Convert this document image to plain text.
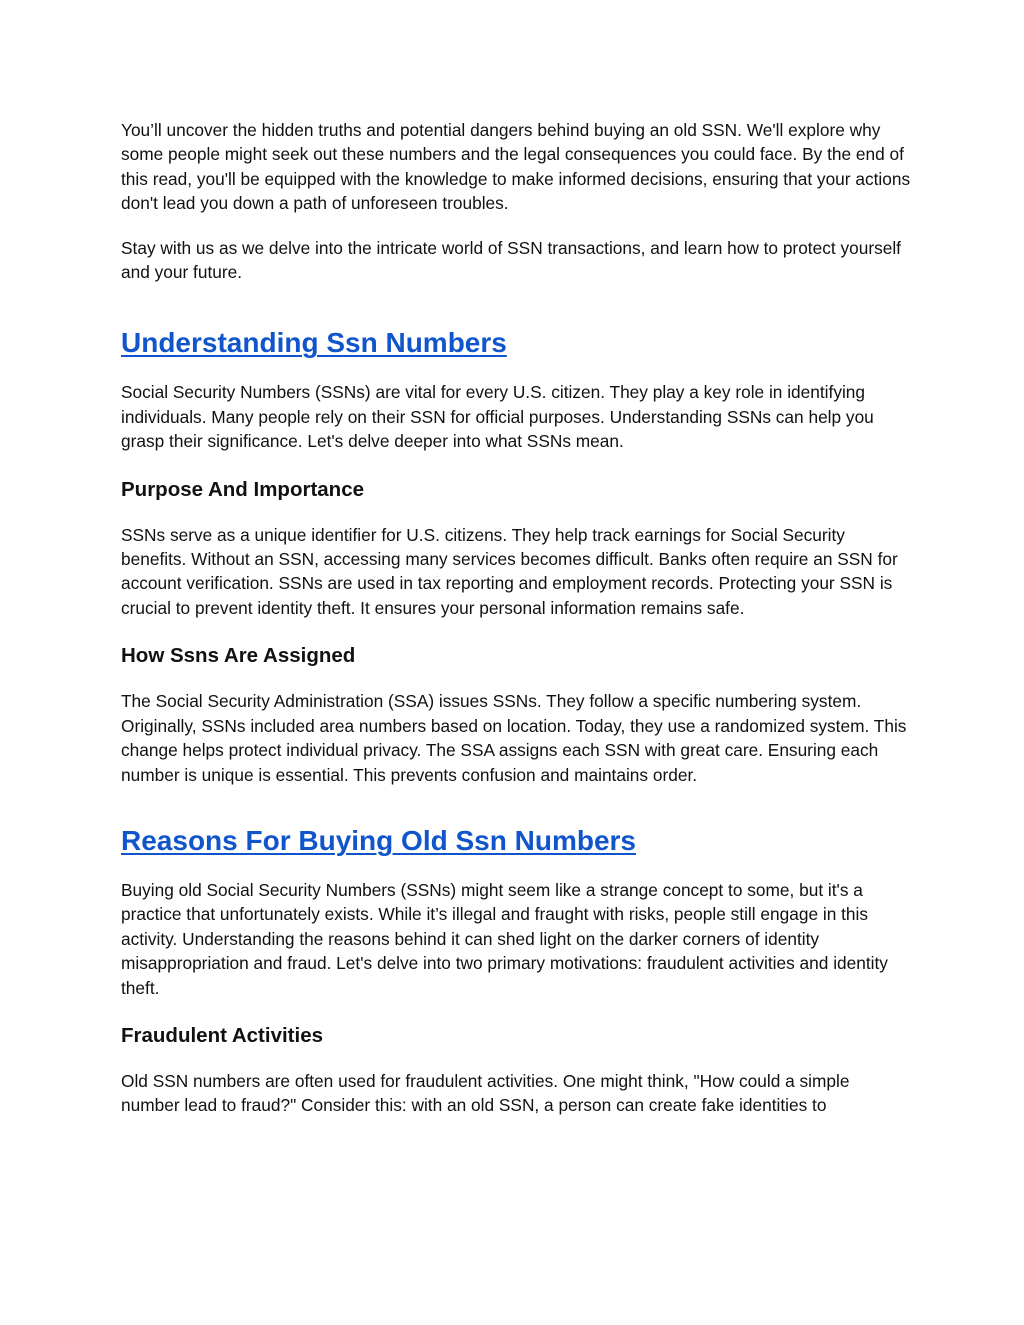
You’ll uncover the hidden truths and potential dangers behind buying an old SSN. We'll explore why some people might seek out these numbers and the legal consequences you could face. By the end of this read, you'll be equipped with the knowledge to make informed decisions, ensuring that your actions don't lead you down a path of unforeseen troubles.

Stay with us as we delve into the intricate world of SSN transactions, and learn how to protect yourself and your future.

Understanding Ssn Numbers

Social Security Numbers (SSNs) are vital for every U.S. citizen. They play a key role in identifying individuals. Many people rely on their SSN for official purposes. Understanding SSNs can help you grasp their significance. Let's delve deeper into what SSNs mean.

Purpose And Importance

SSNs serve as a unique identifier for U.S. citizens. They help track earnings for Social Security benefits. Without an SSN, accessing many services becomes difficult. Banks often require an SSN for account verification. SSNs are used in tax reporting and employment records. Protecting your SSN is crucial to prevent identity theft. It ensures your personal information remains safe.

How Ssns Are Assigned

The Social Security Administration (SSA) issues SSNs. They follow a specific numbering system. Originally, SSNs included area numbers based on location. Today, they use a randomized system. This change helps protect individual privacy. The SSA assigns each SSN with great care. Ensuring each number is unique is essential. This prevents confusion and maintains order.

Reasons For Buying Old Ssn Numbers

Buying old Social Security Numbers (SSNs) might seem like a strange concept to some, but it's a practice that unfortunately exists. While it’s illegal and fraught with risks, people still engage in this activity. Understanding the reasons behind it can shed light on the darker corners of identity misappropriation and fraud. Let's delve into two primary motivations: fraudulent activities and identity theft.

Fraudulent Activities

Old SSN numbers are often used for fraudulent activities. One might think, "How could a simple number lead to fraud?" Consider this: with an old SSN, a person can create fake identities to
